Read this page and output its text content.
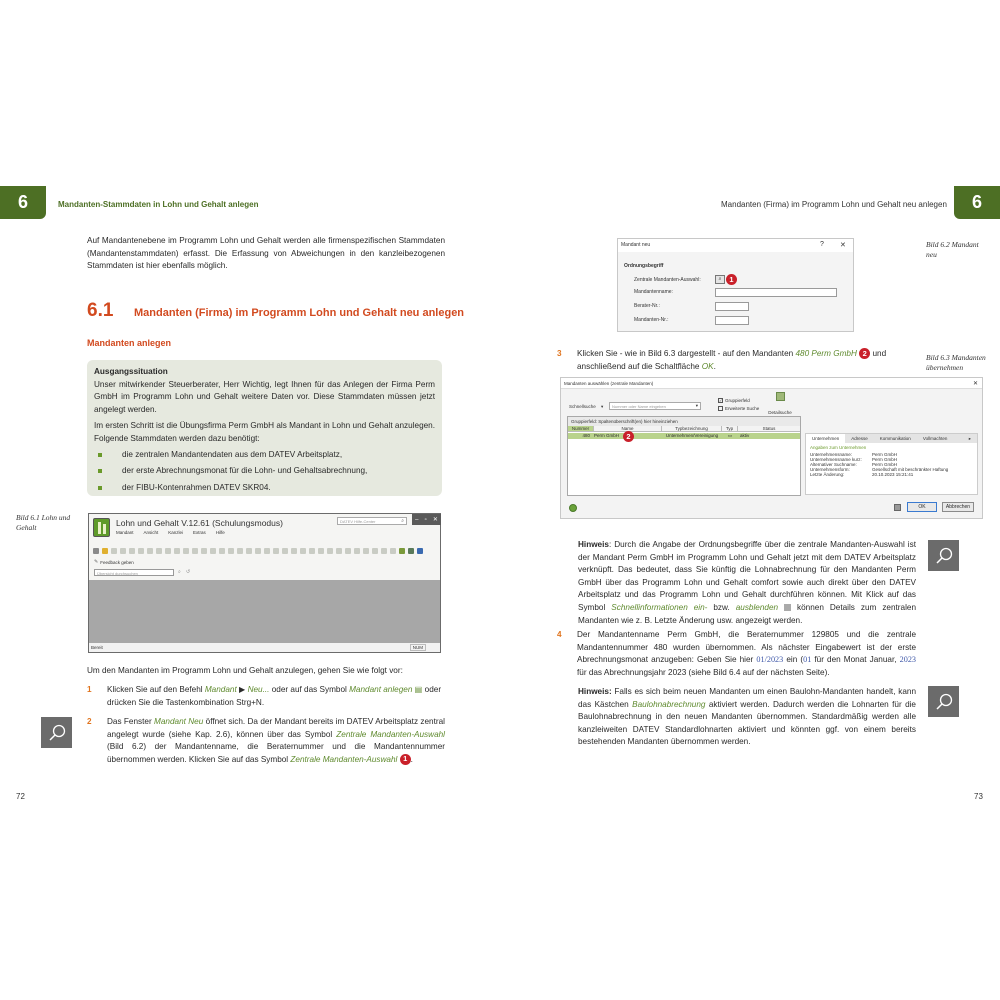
6	Mandanten-Stammdaten in Lohn und Gehalt anlegen
Auf Mandantenebene im Programm Lohn und Gehalt werden alle firmenspezifischen Stammdaten (Mandantenstammdaten) erfasst. Die Erfassung von Abweichungen in den kanzleibezogenen Stammdaten ist hier ebenfalls möglich.
6.1	Mandanten (Firma) im Programm Lohn und Gehalt neu anlegen
Mandanten anlegen
Ausgangssituation
Unser mitwirkender Steuerberater, Herr Wichtig, legt Ihnen für das Anlegen der Firma Perm GmbH im Programm Lohn und Gehalt weitere Daten vor. Diese Stammdaten müssen jetzt angelegt werden.
Im ersten Schritt ist die Übungsfirma Perm GmbH als Mandant in Lohn und Gehalt anzulegen. Folgende Stammdaten werden dazu benötigt:
die zentralen Mandantendaten aus dem DATEV Arbeitsplatz,
der erste Abrechnungsmonat für die Lohn- und Gehaltsabrechnung,
der FIBU-Kontenrahmen DATEV SKR04.
Bild 6.1 Lohn und Gehalt	Lohn und Gehalt V.12.61 (Schulungsmodus)	DATEV Hilfe-Center	⌕ – ▫ ✕
Mandant Ansicht Kanzlei Extras Hilfe
✎ Feedback geben
Übersicht durchsuchen	⌕ ↺
Bereit	NUM
Um den Mandanten im Programm Lohn und Gehalt anzulegen, gehen Sie wie folgt vor:
1	Klicken Sie auf den Befehl Mandant ▶ Neu... oder auf das Symbol Mandant anlegen ▤ oder drücken Sie die Tastenkombination Strg+N.
2	Das Fenster Mandant Neu öffnet sich. Da der Mandant bereits im DATEV Arbeitsplatz zentral angelegt wurde (siehe Kap. 2.6), können über das Symbol Zentrale Mandanten-Auswahl (Bild 6.2) der Mandantenname, die Beraternummer und die Mandantennummer übernommen werden. Klicken Sie auf das Symbol Zentrale Mandanten-Auswahl 1 .
72
Mandanten (Firma) im Programm Lohn und Gehalt neu anlegen 6
Mandant neu	? ✕
Ordnungsbegriff
Zentrale Mandanten-Auswahl:
Mandantenname:
Berater-Nr.:
Mandanten-Nr.:
⌕	1
Bild 6.2 Mandant neu
3	Klicken Sie - wie in Bild 6.3 dargestellt - auf den Mandanten 480 Perm GmbH 2 und anschließend auf die Schaltfläche OK.
Bild 6.3 Mandanten übernehmen
Mandanten auswählen (zentrale Mandanten)	✕
Schnellsuche ▾ Nummer oder Name eingeben	▾
✓ Gruppierfeld
Erweiterte Suche
Detailsuche
Gruppierfeld: Spaltenüberschrift(en) hier hineinziehen
Nummer	Name	Typbezeichnung	Typ	Status
480 Perm GmbH	Unternehmen/Vereinigung	▭	aktiv
2	Unternehmen	Adresse	Kommunikation	Vollmachten	▸
Angaben zum Unternehmen
Unternehmensname:	Perm GmbH
Unternehmensname kurz:	Perm GmbH
Alternativer Suchname:	Perm GmbH
Unternehmensform:	Gesellschaft mit beschränkter Haftung
Letzte Änderung:	20.10.2023 15:21:41
OK	Abbrechen
Hinweis: Durch die Angabe der Ordnungsbegriffe über die zentrale Mandanten-Auswahl ist der Mandant Perm GmbH im Programm Lohn und Gehalt jetzt mit dem DATEV Arbeitsplatz verknüpft. Das bedeutet, dass Sie künftig die Lohnabrechnung für den Mandanten Perm GmbH über das Programm Lohn und Gehalt comfort sowie auch direkt über den DATEV Arbeitsplatz und das Programm Lohn und Gehalt durchführen können. Mit Klick auf das Symbol Schnellinformationen ein- bzw. ausblenden  können Details zum zentralen Mandanten wie z. B. Letzte Änderung usw. angezeigt werden.
4	Der Mandantenname Perm GmbH, die Beraternummer 129805 und die zentrale Mandantennummer 480 wurden übernommen. Als nächster Eingabewert ist der erste Abrechnungsmonat anzugeben: Geben Sie hier 01/2023 ein (01 für den Monat Januar, 2023 für das Abrechnungsjahr 2023 (siehe Bild 6.4 auf der nächsten Seite).
Hinweis: Falls es sich beim neuen Mandanten um einen Baulohn-Mandanten handelt, kann das Kästchen Baulohnabrechnung aktiviert werden. Dadurch werden die Lohnarten für die Baulohnabrechnung in den neuen Mandanten übernommen. Standardmäßig werden alle kanzleiweiten DATEV Standardlohnarten aktiviert und könnten ggf. von einem bereits bestehenden Mandanten übernommen werden.
73
